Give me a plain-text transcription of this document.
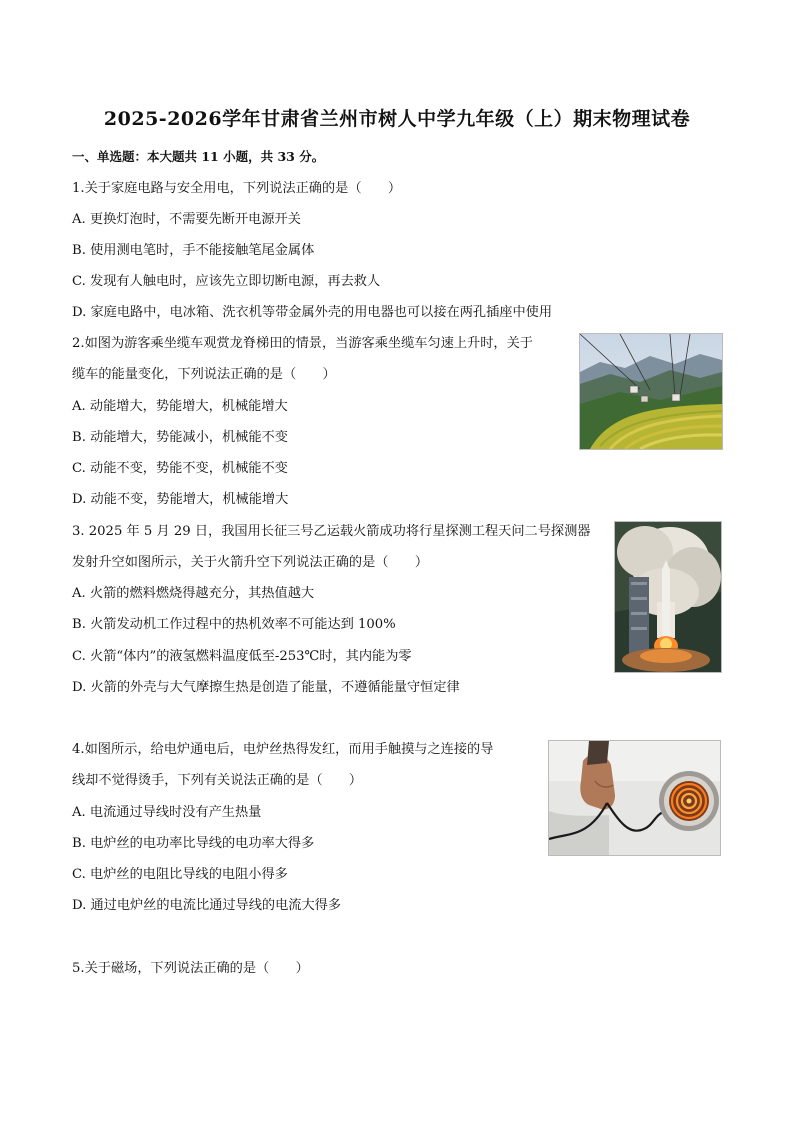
2025-2026学年甘肃省兰州市树人中学九年级（上）期末物理试卷
一、单选题：本大题共 11 小题，共 33 分。
1.关于家庭电路与安全用电，下列说法正确的是（　　）
A. 更换灯泡时，不需要先断开电源开关
B. 使用测电笔时，手不能接触笔尾金属体
C. 发现有人触电时，应该先立即切断电源，再去救人
D. 家庭电路中，电冰箱、洗衣机等带金属外壳的用电器也可以接在两孔插座中使用
2.如图为游客乘坐缆车观赏龙脊梯田的情景，当游客乘坐缆车匀速上升时，关于
缆车的能量变化，下列说法正确的是（　　）
A. 动能增大，势能增大，机械能增大
B. 动能增大，势能减小，机械能不变
C. 动能不变，势能不变，机械能不变
D. 动能不变，势能增大，机械能增大
3. 2025 年 5 月 29 日，我国用长征三号乙运载火箭成功将行星探测工程天问二号探测器
发射升空如图所示，关于火箭升空下列说法正确的是（　　）
A. 火箭的燃料燃烧得越充分，其热值越大
B. 火箭发动机工作过程中的热机效率不可能达到 100%
C. 火箭“体内”的液氢燃料温度低至-253℃时，其内能为零
D. 火箭的外壳与大气摩擦生热是创造了能量，不遵循能量守恒定律
4.如图所示，给电炉通电后，电炉丝热得发红，而用手触摸与之连接的导
线却不觉得烫手，下列有关说法正确的是（　　）
A. 电流通过导线时没有产生热量
B. 电炉丝的电功率比导线的电功率大得多
C. 电炉丝的电阻比导线的电阻小得多
D. 通过电炉丝的电流比通过导线的电流大得多
5.关于磁场，下列说法正确的是（　　）
